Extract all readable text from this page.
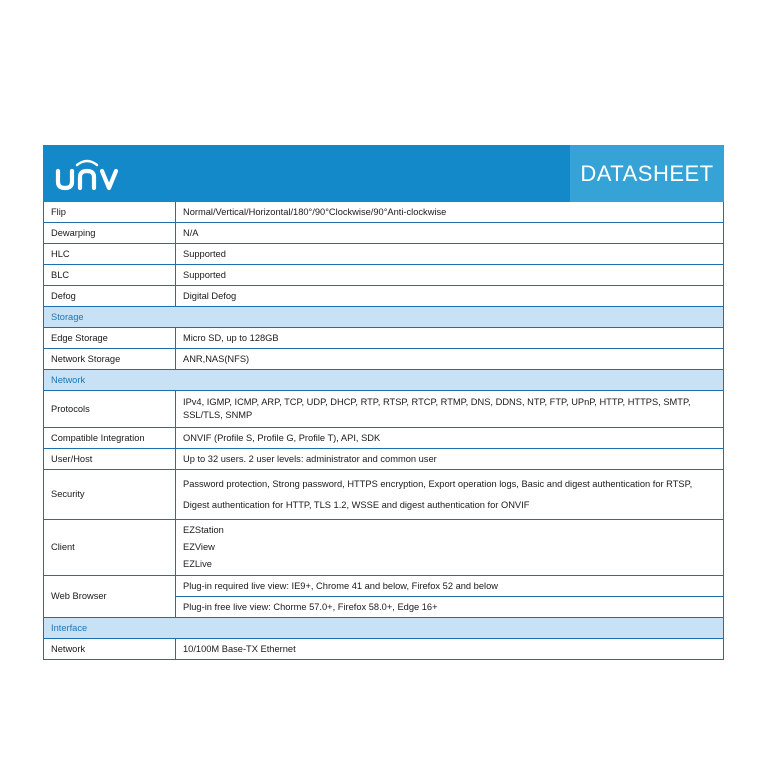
DATASHEET
Flip	Normal/Vertical/Horizontal/180°/90°Clockwise/90°Anti-clockwise
Dewarping	N/A
HLC	Supported
BLC	Supported
Defog	Digital Defog
Storage	
Edge Storage	Micro SD, up to 128GB
Network Storage	ANR,NAS(NFS)
Network	
Protocols	IPv4, IGMP, ICMP, ARP, TCP, UDP, DHCP, RTP, RTSP, RTCP, RTMP, DNS, DDNS, NTP, FTP, UPnP, HTTP, HTTPS, SMTP,
SSL/TLS, SNMP

Compatible Integration	ONVIF (Profile S, Profile G, Profile T), API, SDK
User/Host	Up to 32 users. 2 user levels: administrator and common user
Security	Password protection, Strong password, HTTPS encryption, Export operation logs, Basic and digest authentication for RTSP,
Digest authentication for HTTP, TLS 1.2, WSSE and digest authentication for ONVIF

Client	EZStation
EZView
EZLive

Web Browser	Plug-in required live view: IE9+, Chrome 41 and below, Firefox 52 and below
Plug-in free live view: Chorme 57.0+, Firefox 58.0+, Edge 16+

Interface	
Network	10/100M Base-TX Ethernet
